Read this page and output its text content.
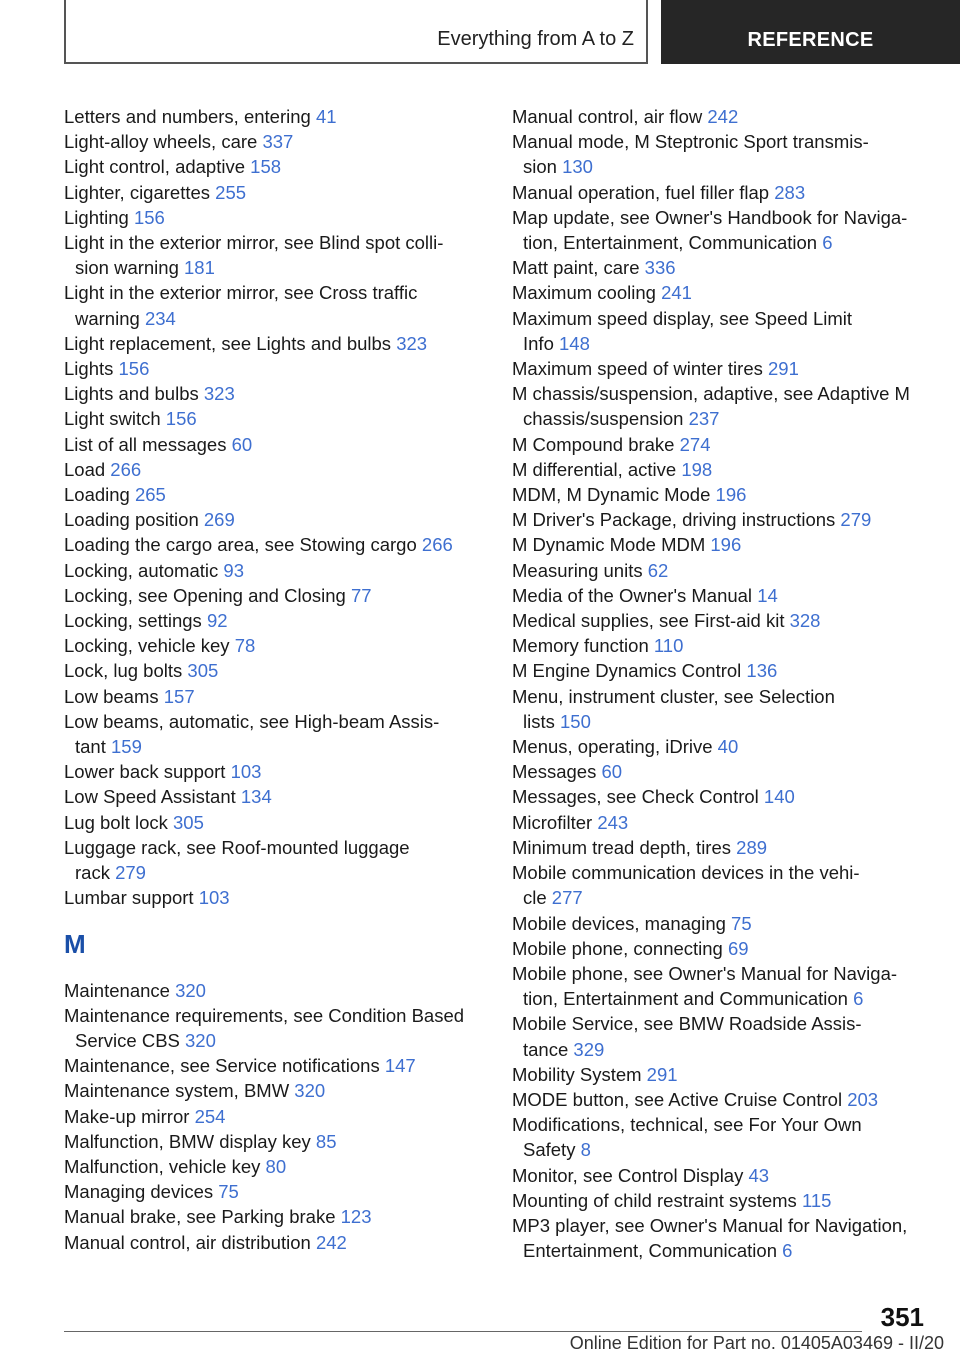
Everything from A to Z	REFERENCE
Letters and numbers, entering 41
Light-alloy wheels, care 337
Light control, adaptive 158
Lighter, cigarettes 255
Lighting 156
Light in the exterior mirror, see Blind spot colli-
sion warning 181
Light in the exterior mirror, see Cross traffic
warning 234
Light replacement, see Lights and bulbs 323
Lights 156
Lights and bulbs 323
Light switch 156
List of all messages 60
Load 266
Loading 265
Loading position 269
Loading the cargo area, see Stowing cargo 266
Locking, automatic 93
Locking, see Opening and Closing 77
Locking, settings 92
Locking, vehicle key 78
Lock, lug bolts 305
Low beams 157
Low beams, automatic, see High-beam Assis-
tant 159
Lower back support 103
Low Speed Assistant 134
Lug bolt lock 305
Luggage rack, see Roof-mounted luggage
rack 279
Lumbar support 103
M
Maintenance 320
Maintenance requirements, see Condition Based
Service CBS 320
Maintenance, see Service notifications 147
Maintenance system, BMW 320
Make-up mirror 254
Malfunction, BMW display key 85
Malfunction, vehicle key 80
Managing devices 75
Manual brake, see Parking brake 123
Manual control, air distribution 242
Manual control, air flow 242
Manual mode, M Steptronic Sport transmis-
sion 130
Manual operation, fuel filler flap 283
Map update, see Owner's Handbook for Naviga-
tion, Entertainment, Communication 6
Matt paint, care 336
Maximum cooling 241
Maximum speed display, see Speed Limit
Info 148
Maximum speed of winter tires 291
M chassis/suspension, adaptive, see Adaptive M
chassis/suspension 237
M Compound brake 274
M differential, active 198
MDM, M Dynamic Mode 196
M Driver's Package, driving instructions 279
M Dynamic Mode MDM 196
Measuring units 62
Media of the Owner's Manual 14
Medical supplies, see First-aid kit 328
Memory function 110
M Engine Dynamics Control 136
Menu, instrument cluster, see Selection
lists 150
Menus, operating, iDrive 40
Messages 60
Messages, see Check Control 140
Microfilter 243
Minimum tread depth, tires 289
Mobile communication devices in the vehi-
cle 277
Mobile devices, managing 75
Mobile phone, connecting 69
Mobile phone, see Owner's Manual for Naviga-
tion, Entertainment and Communication 6
Mobile Service, see BMW Roadside Assis-
tance 329
Mobility System 291
MODE button, see Active Cruise Control 203
Modifications, technical, see For Your Own
Safety 8
Monitor, see Control Display 43
Mounting of child restraint systems 115
MP3 player, see Owner's Manual for Navigation,
Entertainment, Communication 6
351
Online Edition for Part no. 01405A03469 - II/20
